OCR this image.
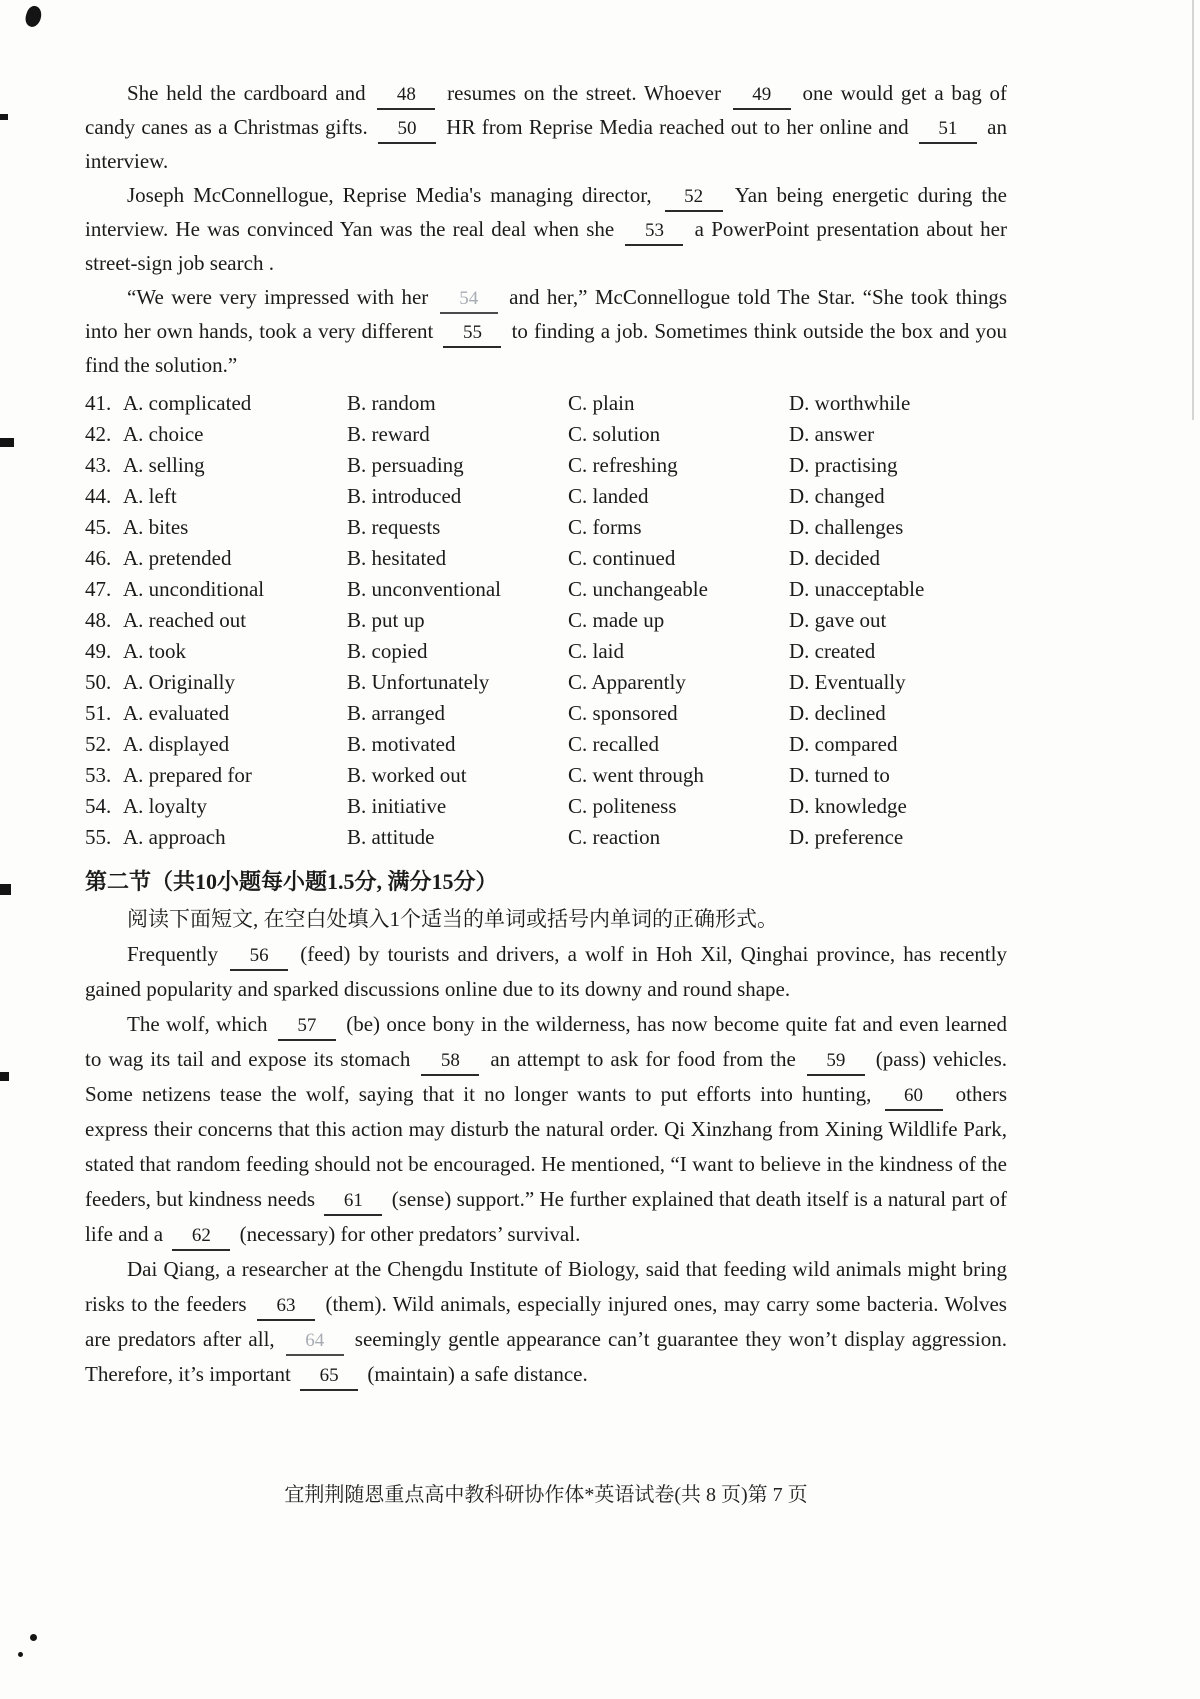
She held the cardboard and 48 resumes on the street. Whoever 49 one would get a bag of candy canes as a Christmas gifts. 50 HR from Reprise Media reached out to her online and 51 an interview.

Joseph McConnellogue, Reprise Media's managing director, 52 Yan being energetic during the interview. He was convinced Yan was the real deal when she 53 a PowerPoint presentation about her street-sign job search .

“We were very impressed with her 54 and her,” McConnellogue told The Star. “She took things into her own hands, took a very different 55 to finding a job. Sometimes think outside the box and you find the solution.”

41. A. complicated	B. random	C. plain	D. worthwhile
42. A. choice	B. reward	C. solution	D. answer
43. A. selling	B. persuading	C. refreshing	D. practising
44. A. left	B. introduced	C. landed	D. changed
45. A. bites	B. requests	C. forms	D. challenges
46. A. pretended	B. hesitated	C. continued	D. decided
47. A. unconditional	B. unconventional	C. unchangeable	D. unacceptable
48. A. reached out	B. put up	C. made up	D. gave out
49. A. took	B. copied	C. laid	D. created
50. A. Originally	B. Unfortunately	C. Apparently	D. Eventually
51. A. evaluated	B. arranged	C. sponsored	D. declined
52. A. displayed	B. motivated	C. recalled	D. compared
53. A. prepared for	B. worked out	C. went through	D. turned to
54. A. loyalty	B. initiative	C. politeness	D. knowledge
55. A. approach	B. attitude	C. reaction	D. preference

第二节（共10小题每小题1.5分, 满分15分）

阅读下面短文, 在空白处填入1个适当的单词或括号内单词的正确形式。

Frequently 56 (feed) by tourists and drivers, a wolf in Hoh Xil, Qinghai province, has recently gained popularity and sparked discussions online due to its downy and round shape.

The wolf, which 57 (be) once bony in the wilderness, has now become quite fat and even learned to wag its tail and expose its stomach 58 an attempt to ask for food from the 59 (pass) vehicles. Some netizens tease the wolf, saying that it no longer wants to put efforts into hunting, 60 others express their concerns that this action may disturb the natural order. Qi Xinzhang from Xining Wildlife Park, stated that random feeding should not be encouraged. He mentioned, “I want to believe in the kindness of the feeders, but kindness needs 61 (sense) support.” He further explained that death itself is a natural part of life and a 62 (necessary) for other predators’ survival.

Dai Qiang, a researcher at the Chengdu Institute of Biology, said that feeding wild animals might bring risks to the feeders 63 (them). Wild animals, especially injured ones, may carry some bacteria. Wolves are predators after all, 64 seemingly gentle appearance can’t guarantee they won’t display aggression. Therefore, it’s important 65 (maintain) a safe distance.

宜荆荆随恩重点高中教科研协作体*英语试卷(共 8 页)第 7 页
